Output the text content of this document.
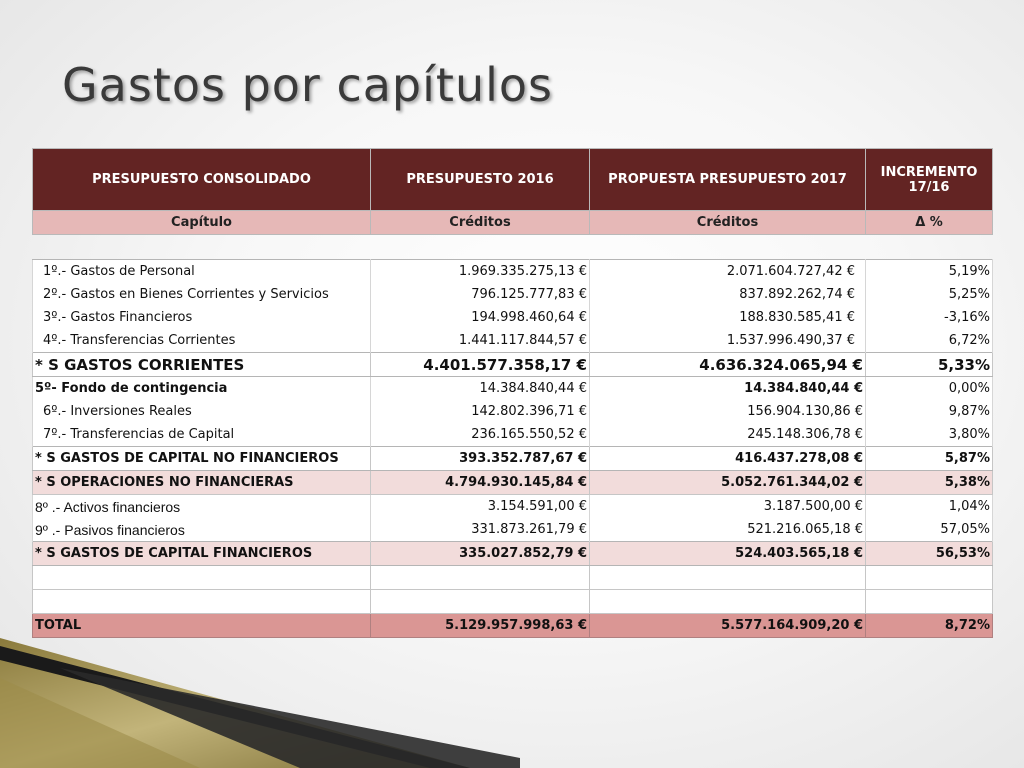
Gastos por capítulos
PRESUPUESTO CONSOLIDADO	PRESUPUESTO 2016	PROPUESTA PRESUPUESTO 2017	INCREMENTO 17/16
Capítulo	Créditos	Créditos	Δ %
1º.- Gastos de Personal	1.969.335.275,13 €	2.071.604.727,42 €	5,19%
2º.- Gastos en Bienes Corrientes y Servicios	796.125.777,83 €	837.892.262,74 €	5,25%
3º.- Gastos Financieros	194.998.460,64 €	188.830.585,41 €	-3,16%
4º.- Transferencias Corrientes	1.441.117.844,57 €	1.537.996.490,37 €	6,72%
* S GASTOS CORRIENTES	4.401.577.358,17 €	4.636.324.065,94 €	5,33%
5º- Fondo de contingencia	14.384.840,44 €	14.384.840,44 €	0,00%
6º.- Inversiones Reales	142.802.396,71 €	156.904.130,86 €	9,87%
7º.- Transferencias de Capital	236.165.550,52 €	245.148.306,78 €	3,80%
* S GASTOS DE CAPITAL NO FINANCIEROS	393.352.787,67 €	416.437.278,08 €	5,87%
* S OPERACIONES NO FINANCIERAS	4.794.930.145,84 €	5.052.761.344,02 €	5,38%
8º .- Activos financieros	3.154.591,00 €	3.187.500,00 €	1,04%
9º .- Pasivos financieros	331.873.261,79 €	521.216.065,18 €	57,05%
* S GASTOS DE CAPITAL FINANCIEROS	335.027.852,79 €	524.403.565,18 €	56,53%

TOTAL	5.129.957.998,63 €	5.577.164.909,20 €	8,72%
